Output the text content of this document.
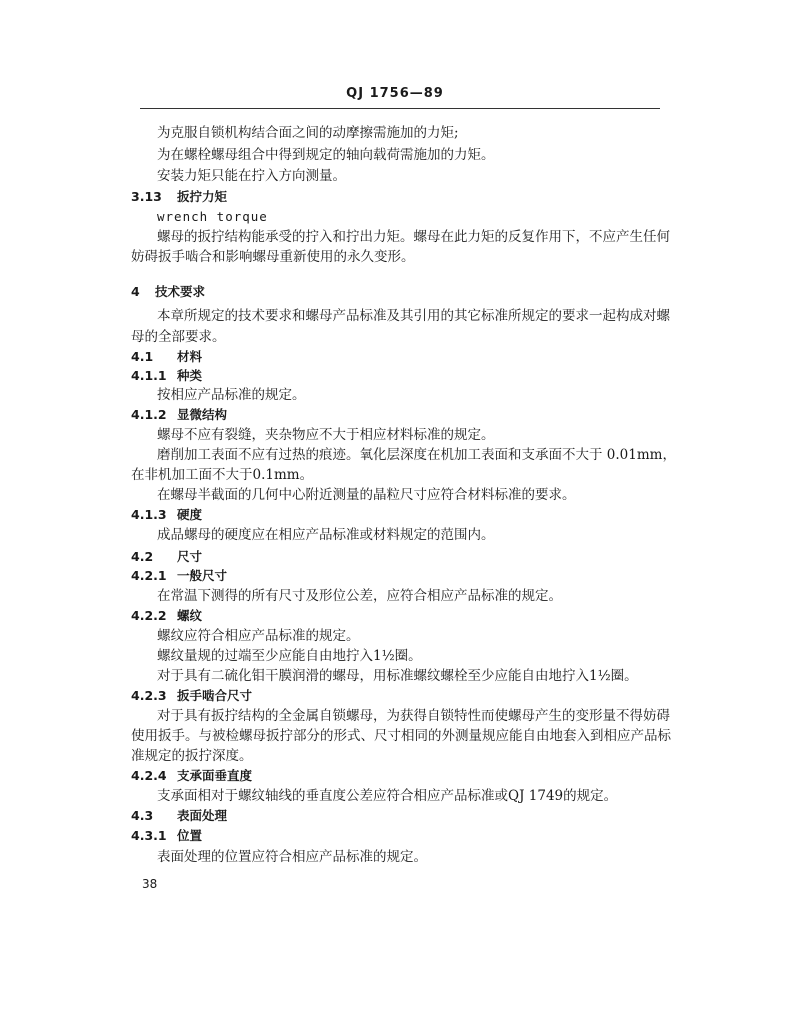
QJ 1756—89
为克服自锁机构结合面之间的动摩擦需施加的力矩;
为在螺栓螺母组合中得到规定的轴向载荷需施加的力矩。
安装力矩只能在拧入方向测量。
3.13 扳拧力矩
wrench torque
螺母的扳拧结构能承受的拧入和拧出力矩。螺母在此力矩的反复作用下，不应产生任何
妨碍扳手啮合和影响螺母重新使用的永久变形。
4 技术要求
本章所规定的技术要求和螺母产品标准及其引用的其它标准所规定的要求一起构成对螺
母的全部要求。
4.1 材料
4.1.1 种类
按相应产品标准的规定。
4.1.2 显微结构
螺母不应有裂缝，夹杂物应不大于相应材料标准的规定。
磨削加工表面不应有过热的痕迹。氧化层深度在机加工表面和支承面不大于 0.01mm，
在非机加工面不大于0.1mm。
在螺母半截面的几何中心附近测量的晶粒尺寸应符合材料标准的要求。
4.1.3 硬度
成品螺母的硬度应在相应产品标准或材料规定的范围内。
4.2 尺寸
4.2.1 一般尺寸
在常温下测得的所有尺寸及形位公差，应符合相应产品标准的规定。
4.2.2 螺纹
螺纹应符合相应产品标准的规定。
螺纹量规的过端至少应能自由地拧入1½圈。
对于具有二硫化钼干膜润滑的螺母，用标准螺纹螺栓至少应能自由地拧入1½圈。
4.2.3 扳手啮合尺寸
对于具有扳拧结构的全金属自锁螺母，为获得自锁特性而使螺母产生的变形量不得妨碍
使用扳手。与被检螺母扳拧部分的形式、尺寸相同的外测量规应能自由地套入到相应产品标
准规定的扳拧深度。
4.2.4 支承面垂直度
支承面相对于螺纹轴线的垂直度公差应符合相应产品标准或QJ 1749的规定。
4.3 表面处理
4.3.1 位置
表面处理的位置应符合相应产品标准的规定。
38
